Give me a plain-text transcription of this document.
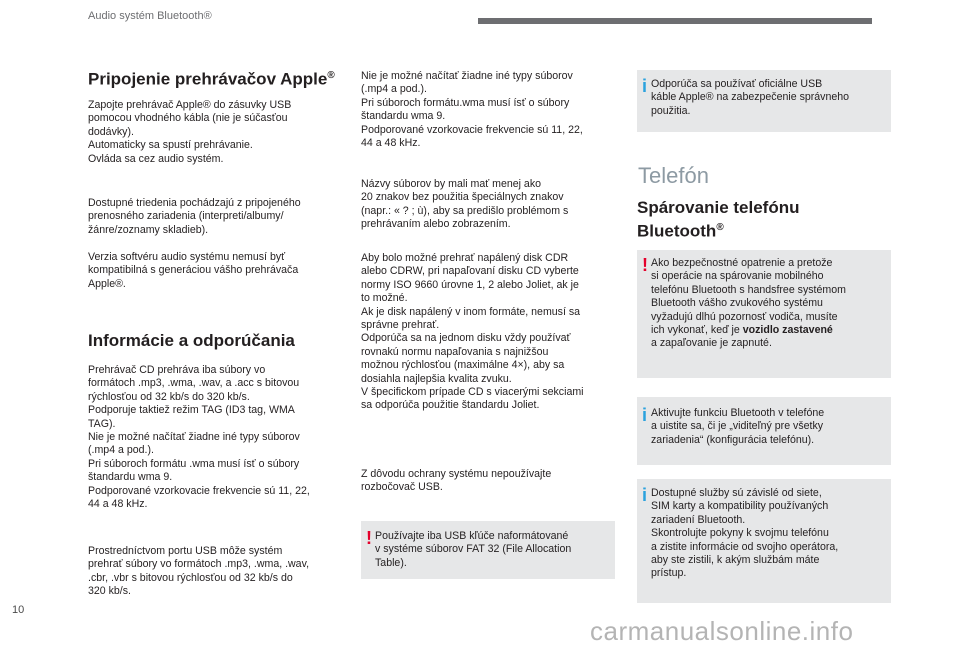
Audio systém Bluetooth®
Pripojenie prehrávačov Apple®

Zapojte prehrávač Apple® do zásuvky USB
pomocou vhodného kábla (nie je súčasťou
dodávky).
Automaticky sa spustí prehrávanie.
Ovláda sa cez audio systém.

Dostupné triedenia pochádzajú z pripojeného
prenosného zariadenia (interpreti/albumy/
žánre/zoznamy skladieb).

Verzia softvéru audio systému nemusí byť
kompatibilná s generáciou vášho prehrávača
Apple®.

Informácie a odporúčania

Prehrávač CD prehráva iba súbory vo
formátoch .mp3, .wma, .wav, a .acc s bitovou
rýchlosťou od 32 kb/s do 320 kb/s.
Podporuje taktiež režim TAG (ID3 tag, WMA
TAG).
Nie je možné načítať žiadne iné typy súborov
(.mp4 a pod.).
Pri súboroch formátu .wma musí ísť o súbory
štandardu wma 9.
Podporované vzorkovacie frekvencie sú 11, 22,
44 a 48 kHz.

Prostredníctvom portu USB môže systém
prehrať súbory vo formátoch .mp3, .wma, .wav,
.cbr, .vbr s bitovou rýchlosťou od 32 kb/s do
320 kb/s.

Nie je možné načítať žiadne iné typy súborov
(.mp4 a pod.).
Pri súboroch formátu.wma musí ísť o súbory
štandardu wma 9.
Podporované vzorkovacie frekvencie sú 11, 22,
44 a 48 kHz.

Názvy súborov by mali mať menej ako
20 znakov bez použitia špeciálnych znakov
(napr.: « ? ; ù), aby sa predišlo problémom s
prehrávaním alebo zobrazením.

Aby bolo možné prehrať napálený disk CDR
alebo CDRW, pri napaľovaní disku CD vyberte
normy ISO 9660 úrovne 1, 2 alebo Joliet, ak je
to možné.
Ak je disk napálený v inom formáte, nemusí sa
správne prehrať.
Odporúča sa na jednom disku vždy používať
rovnakú normu napaľovania s najnižšou
možnou rýchlosťou (maximálne 4×), aby sa
dosiahla najlepšia kvalita zvuku.
V špecifickom prípade CD s viacerými sekciami
sa odporúča použitie štandardu Joliet.

Z dôvodu ochrany systému nepoužívajte
rozbočovač USB.

! Používajte iba USB kľúče naformátované
v systéme súborov FAT 32 (File Allocation
Table).

i Odporúča sa používať oficiálne USB
káble Apple® na zabezpečenie správneho
použitia.

Telefón
Spárovanie telefónu
Bluetooth®
! Ako bezpečnostné opatrenie a pretože
si operácie na spárovanie mobilného
telefónu Bluetooth s handsfree systémom
Bluetooth vášho zvukového systému
vyžadujú dlhú pozornosť vodiča, musíte
ich vykonať, keď je vozidlo zastavené
a zapaľovanie je zapnuté.

i Aktivujte funkciu Bluetooth v telefóne
a uistite sa, či je „viditeľný pre všetky
zariadenia“ (konfigurácia telefónu).

i Dostupné služby sú závislé od siete,
SIM karty a kompatibility používaných
zariadení Bluetooth.
Skontrolujte pokyny k svojmu telefónu
a zistite informácie od svojho operátora,
aby ste zistili, k akým službám máte
prístup.

10
carmanualsonline.info
